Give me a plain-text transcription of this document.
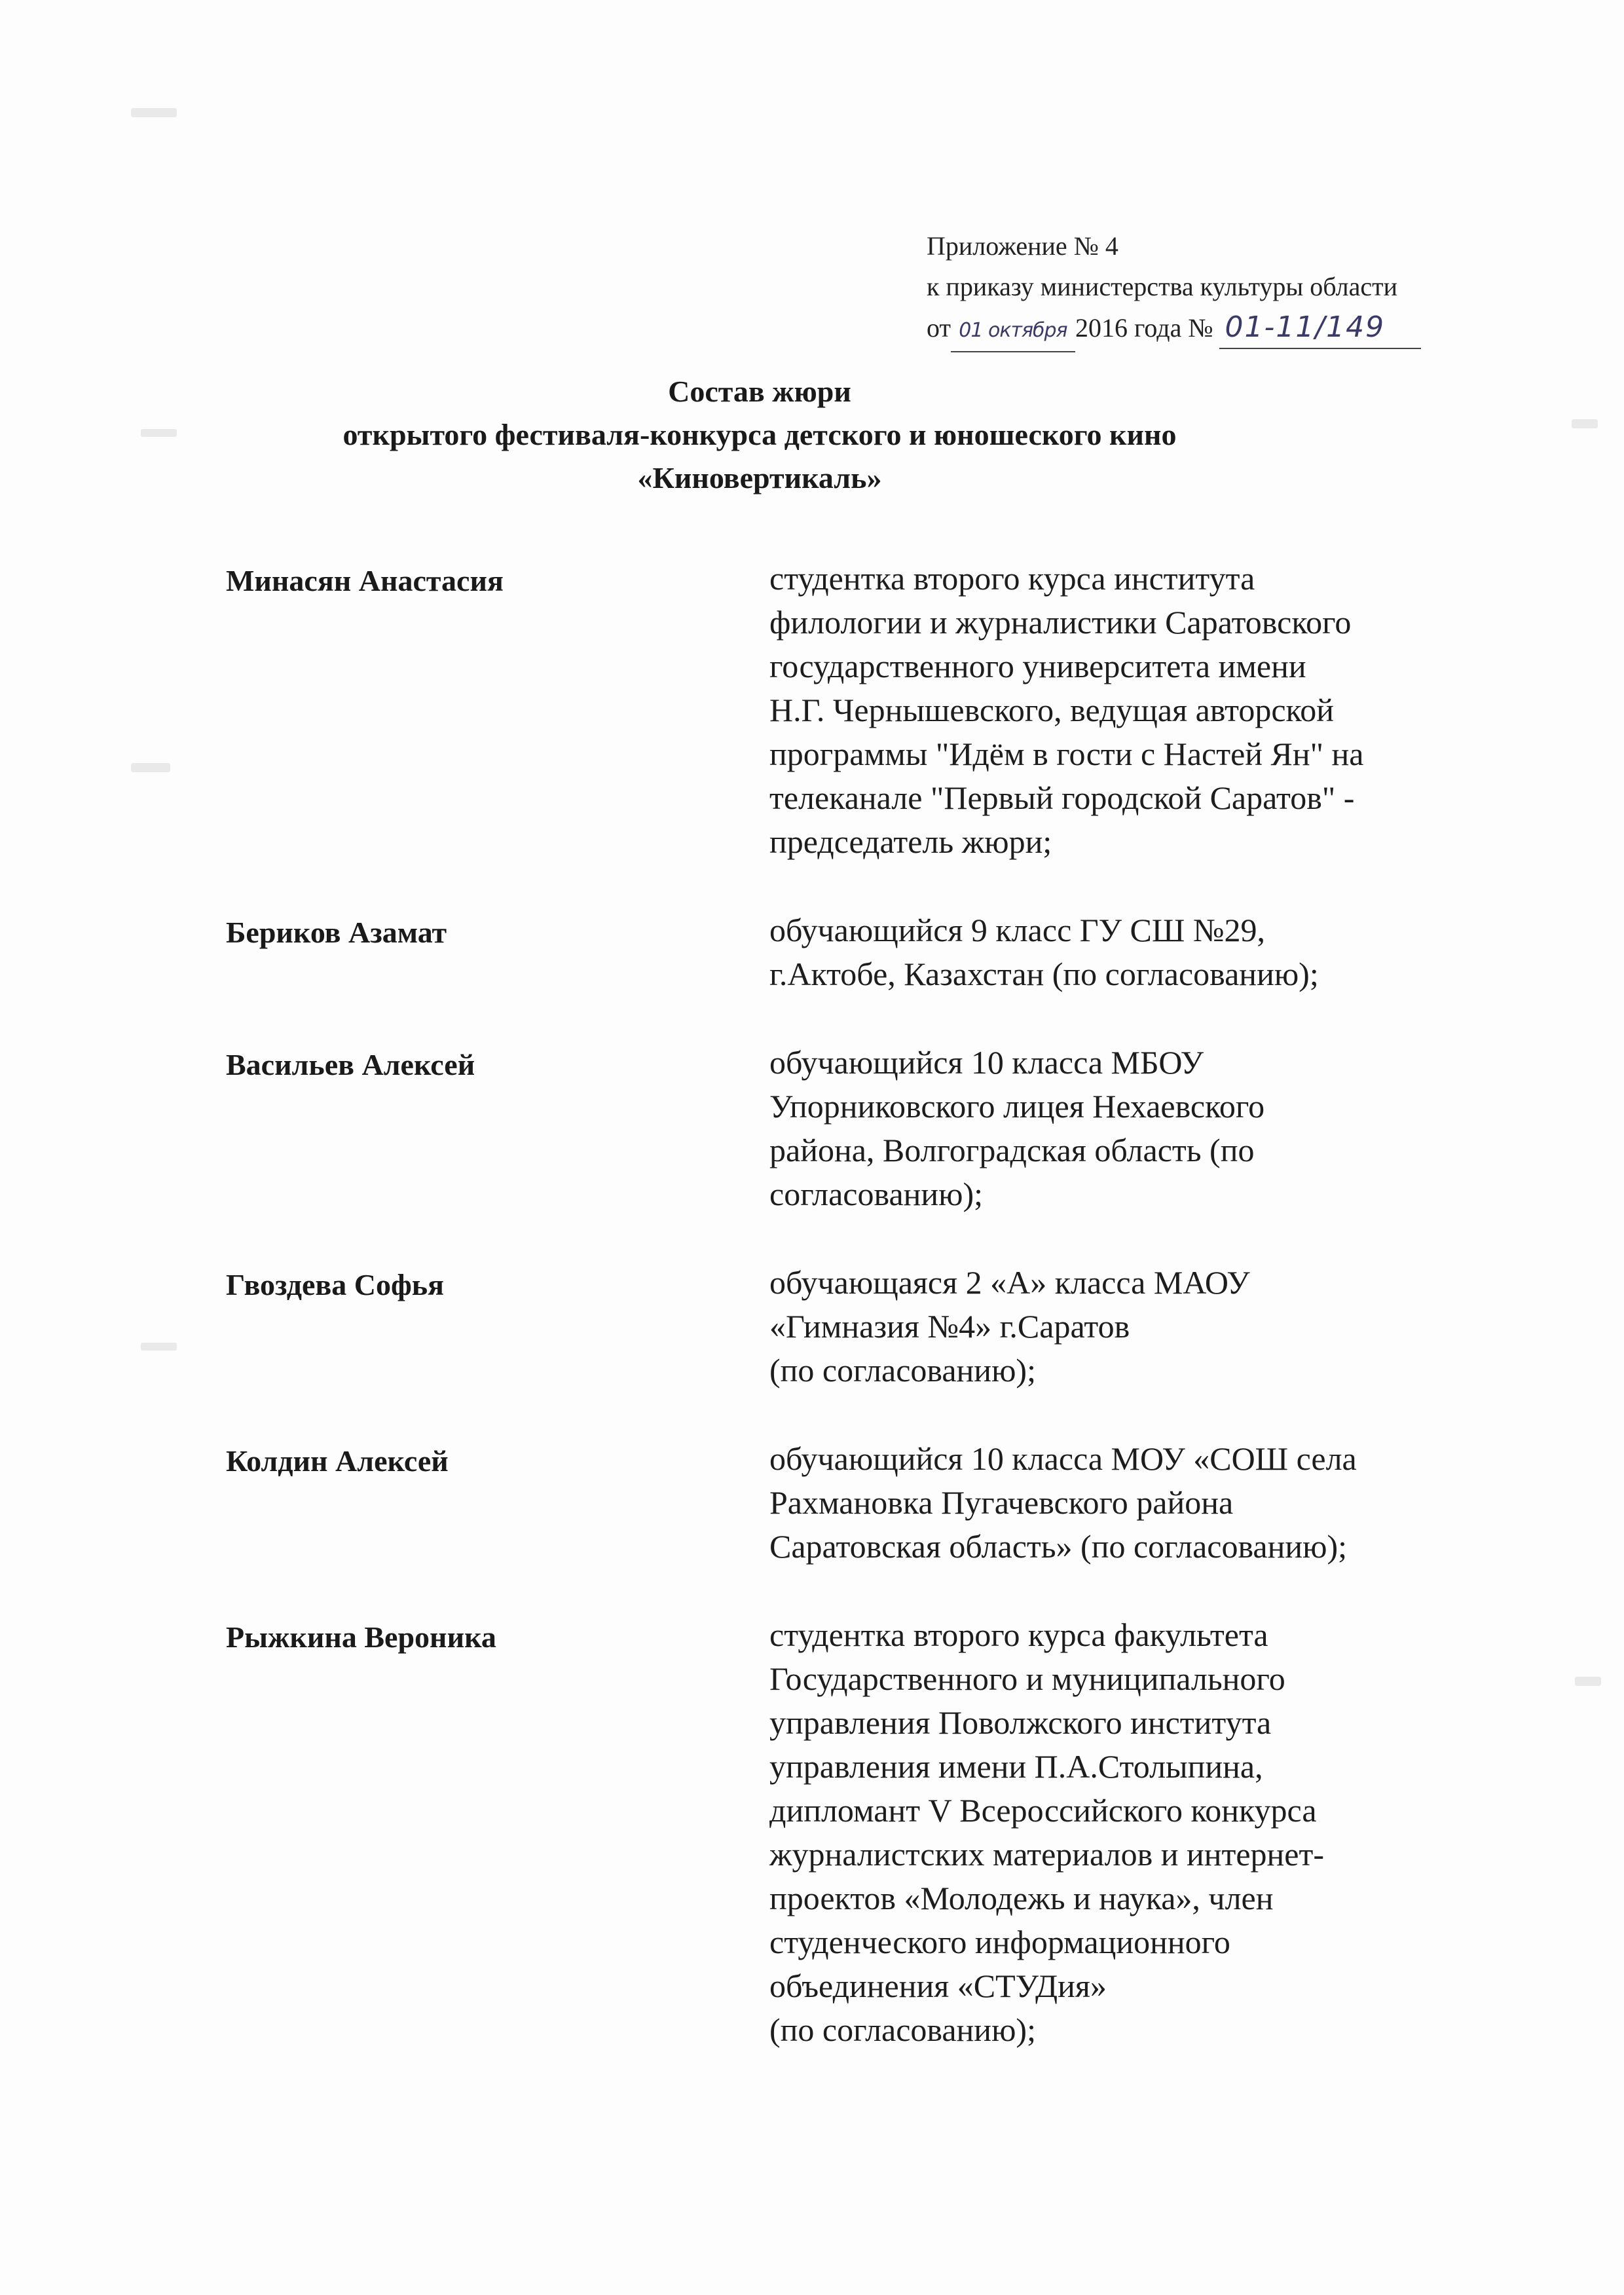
Приложение № 4
к приказу министерства культуры области
от 01 октября 2016 года № 01-11/149
Состав жюри
открытого фестиваля-конкурса детского и юношеского кино
«Киновертикаль»
Минасян Анастасия	студентка второго курса института
филологии и журналистики Саратовского
государственного университета имени
Н.Г. Чернышевского, ведущая авторской
программы "Идём в гости с Настей Ян" на
телеканале "Первый городской Саратов" -
председатель жюри;
Бериков Азамат	обучающийся 9 класс ГУ СШ №29,
г.Актобе, Казахстан (по согласованию);
Васильев Алексей	обучающийся 10 класса МБОУ
Упорниковского лицея Нехаевского
района, Волгоградская область (по
согласованию);
Гвоздева Софья	обучающаяся 2 «А» класса МАОУ
«Гимназия №4» г.Саратов
(по согласованию);
Колдин Алексей	обучающийся 10 класса МОУ «СОШ села
Рахмановка Пугачевского района
Саратовская область» (по согласованию);
Рыжкина Вероника	студентка второго курса факультета
Государственного и муниципального
управления Поволжского института
управления имени П.А.Столыпина,
дипломант V Всероссийского конкурса
журналистских материалов и интернет-
проектов «Молодежь и наука», член
студенческого информационного
объединения «СТУДия»
(по согласованию);
